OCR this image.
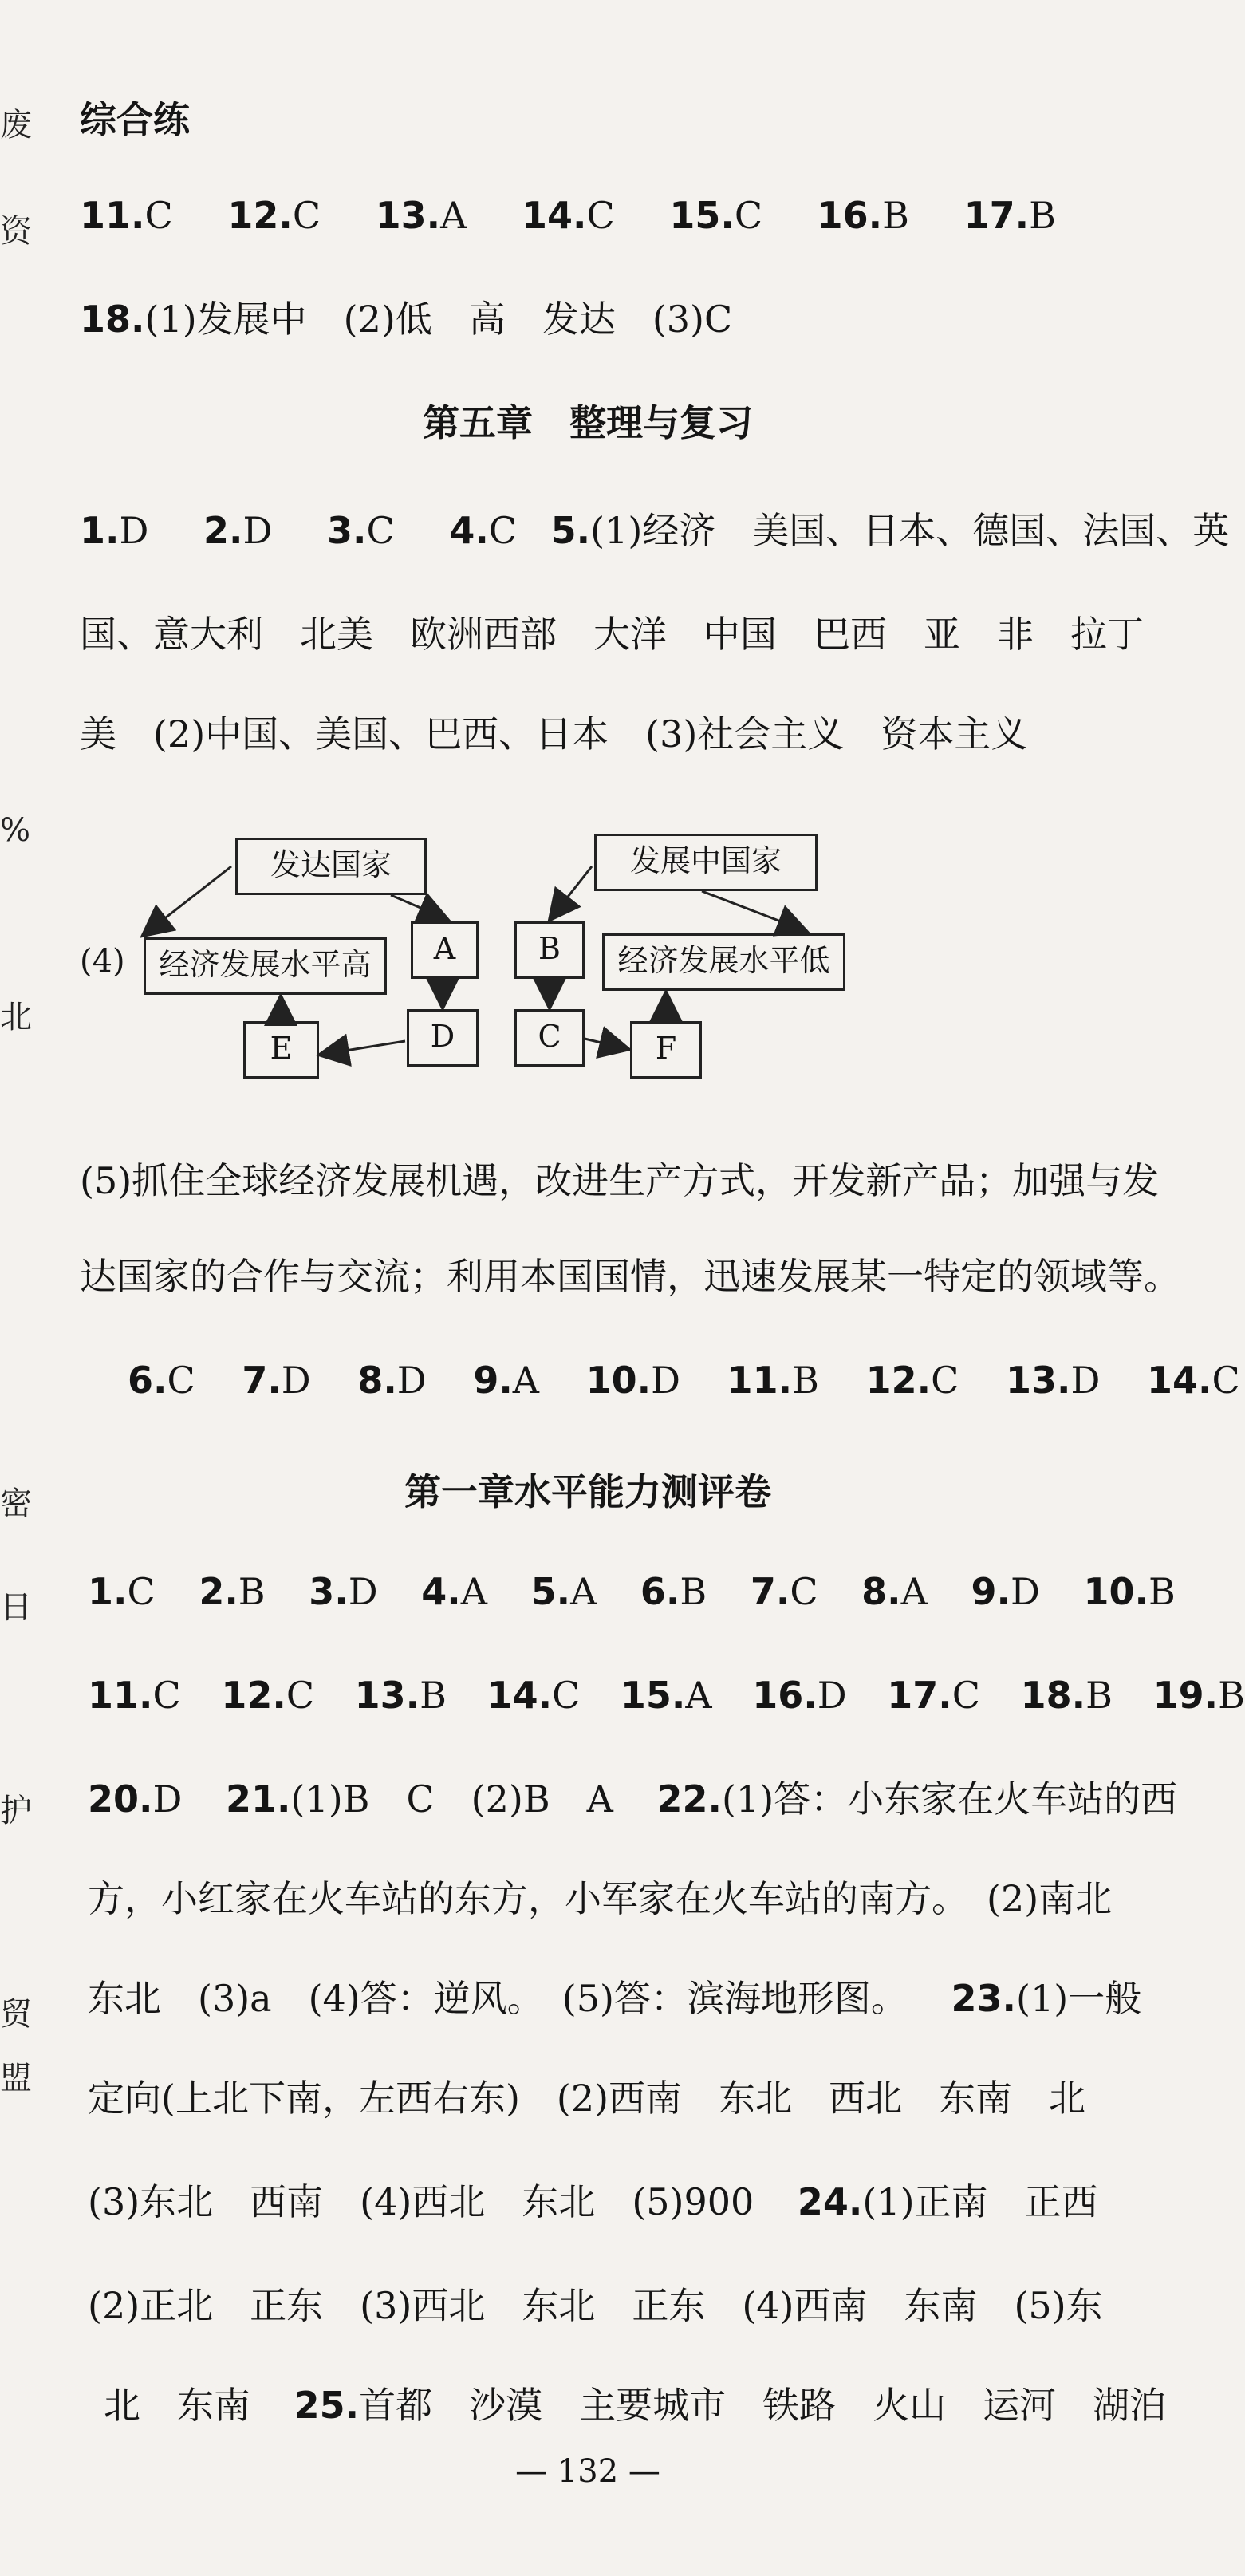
废
资
%
北
密
日
护
贸
盟
综合练
11.C 12.C 13.A 14.C 15.C 16.B 17.B
18.(1)发展中　(2)低　高　发达　(3)C
第五章　整理与复习
1.D 2.D 3.C 4.C 5.(1)经济　美国、日本、德国、法国、英
国、意大利　北美　欧洲西部　大洋　中国　巴西　亚　非　拉丁
美　(2)中国、美国、巴西、日本　(3)社会主义　资本主义
(4)
发达国家
经济发展水平高	A
D
E
发展中国家
B	经济发展水平低
C	F
(5)抓住全球经济发展机遇，改进生产方式，开发新产品；加强与发
达国家的合作与交流；利用本国国情，迅速发展某一特定的领域等。
6.C 7.D 8.D 9.A 10.D 11.B 12.C 13.D 14.C
第一章水平能力测评卷
1.C 2.B 3.D 4.A 5.A 6.B 7.C 8.A 9.D 10.B
11.C 12.C 13.B 14.C 15.A 16.D 17.C 18.B 19.B
20.D 21.(1)B　C　(2)B　A 22.(1)答：小东家在火车站的西
方，小红家在火车站的东方，小军家在火车站的南方。　(2)南北
东北　(3)a　(4)答：逆风。　(5)答：滨海地形图。 23.(1)一般
定向(上北下南，左西右东)　(2)西南　东北　西北　东南　北
(3)东北　西南　(4)西北　东北　(5)900 24.(1)正南　正西
(2)正北　正东　(3)西北　东北　正东　(4)西南　东南　(5)东
北　东南 25.首都　沙漠　主要城市　铁路　火山　运河　湖泊
— 132 —
